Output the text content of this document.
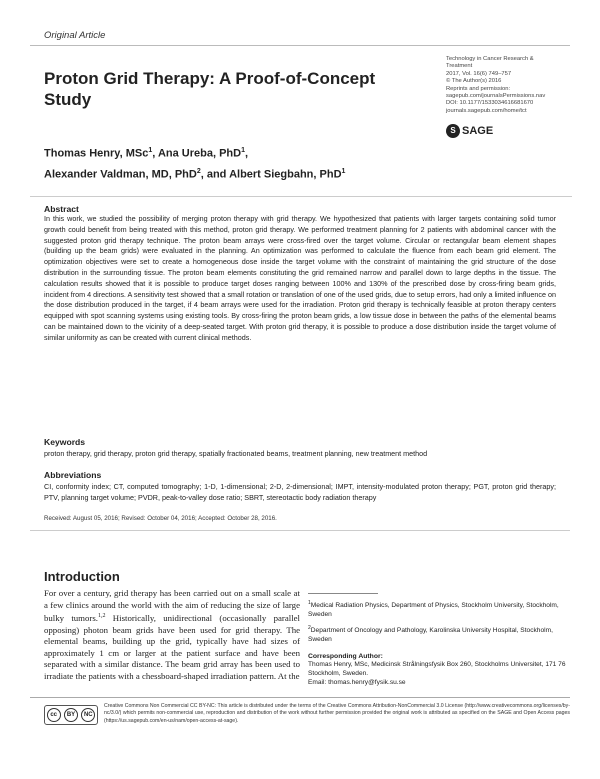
Original Article
Proton Grid Therapy: A Proof-of-Concept Study
Technology in Cancer Research &
Treatment
2017, Vol. 16(6) 749–757
© The Author(s) 2016
Reprints and permission:
sagepub.com/journalsPermissions.nav
DOI: 10.1177/1533034616681670
journals.sagepub.com/home/tct
S SAGE
Thomas Henry, MSc$^1$, Ana Ureba, PhD$^1$,
Alexander Valdman, MD, PhD$^2$, and Albert Siegbahn, PhD$^1$
Abstract
In this work, we studied the possibility of merging proton therapy with grid therapy. We hypothesized that patients with larger targets containing solid tumor growth could benefit from being treated with this method, proton grid therapy. We performed treatment planning for 2 patients with abdominal cancer with the suggested proton grid therapy technique. The proton beam arrays were cross-fired over the target volume. Circular or rectangular beam element shapes (building up the beam grids) were evaluated in the planning. An optimization was performed to calculate the fluence from each beam grid element. The optimization objectives were set to create a homogeneous dose inside the target volume with the constraint of maintaining the grid structure of the dose distribution in the surrounding tissue. The proton beam elements constituting the grid remained narrow and parallel down to large depths in the tissue. The calculation results showed that it is possible to produce target doses ranging between 100% and 130% of the prescribed dose by cross-firing beam grids, incident from 4 directions. A sensitivity test showed that a small rotation or translation of one of the used grids, due to setup errors, had only a limited influence on the dose distribution produced in the target, if 4 beam arrays were used for the irradiation. Proton grid therapy is technically feasible at proton therapy centers equipped with spot scanning systems using existing tools. By cross-firing the proton beam grids, a low tissue dose in between the paths of the elemental beams can be maintained down to the vicinity of a deep-seated target. With proton grid therapy, it is possible to produce a dose distribution inside the target volume of similar uniformity as can be created with current clinical methods.
Keywords
proton therapy, grid therapy, proton grid therapy, spatially fractionated beams, treatment planning, new treatment method
Abbreviations
CI, conformity index; CT, computed tomography; 1-D, 1-dimensional; 2-D, 2-dimensional; IMPT, intensity-modulated proton therapy; PGT, proton grid therapy; PTV, planning target volume; PVDR, peak-to-valley dose ratio; SBRT, stereotactic body radiation therapy
Received: August 05, 2016; Revised: October 04, 2016; Accepted: October 28, 2016.
Introduction
For over a century, grid therapy has been carried out on a small scale at a few clinics around the world with the aim of reducing the size of large bulky tumors.$^{1,2}$ Historically, unidirectional (occasionally parallel opposing) photon beam grids have been used for grid therapy. The elemental beams, building up the grid, typically have had sizes of approximately 1 cm or larger at the patient surface and have been separated with a similar distance. The beam grid array has been used to irradiate the patients with a chessboard-shaped irradiation pattern. At the

$^1$Medical Radiation Physics, Department of Physics, Stockholm University, Stockholm, Sweden

$^2$Department of Oncology and Pathology, Karolinska University Hospital, Stockholm, Sweden

Corresponding Author:
Thomas Henry, MSc, Medicinsk Strålningsfysik Box 260, Stockholms Universitet, 171 76 Stockholm, Sweden.
Email: thomas.henry@fysik.su.se

cc	BY	NC
Creative Commons Non Commercial CC BY-NC: This article is distributed under the terms of the Creative Commons Attribution-NonCommercial 3.0 License (http://www.creativecommons.org/licenses/by-nc/3.0/) which permits non-commercial use, reproduction and distribution of the work without further permission provided the original work is attributed as specified on the SAGE and Open Access pages (https://us.sagepub.com/en-us/nam/open-access-at-sage).
